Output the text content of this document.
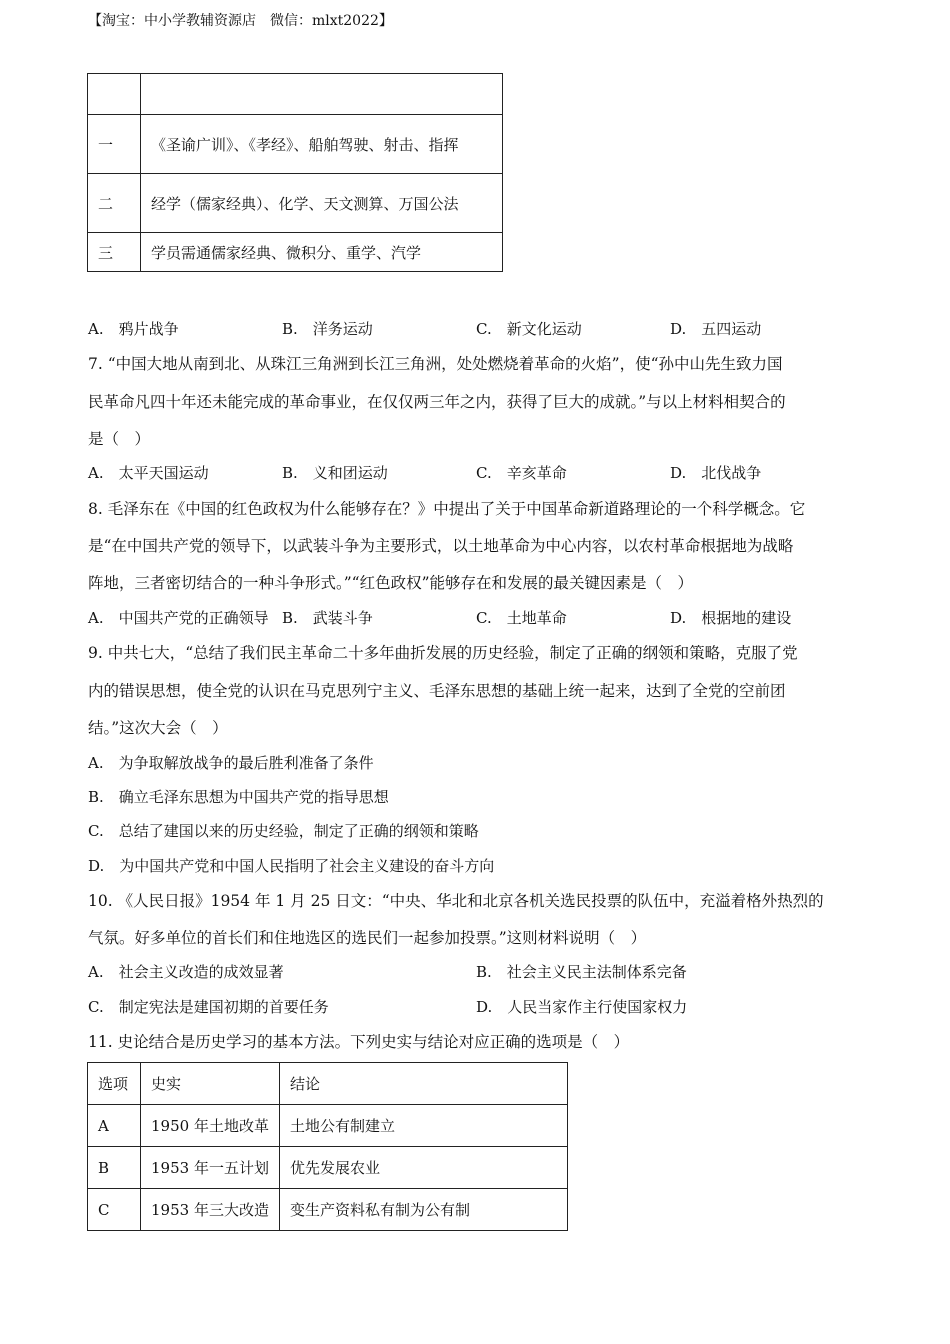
【淘宝：中小学教辅资源店　微信：mlxt2022】

一	《圣谕广训》、《孝经》、船舶驾驶、射击、指挥
二	经学（儒家经典）、化学、天文测算、万国公法
三	学员需通儒家经典、微积分、重学、汽学
A.　鸦片战争	B.　洋务运动	C.　新文化运动	D.　五四运动
7. “中国大地从南到北、从珠江三角洲到长江三角洲，处处燃烧着革命的火焰”，使“孙中山先生致力国
民革命凡四十年还未能完成的革命事业，在仅仅两三年之内，获得了巨大的成就。”与以上材料相契合的
是（　）
A.　太平天国运动	B.　义和团运动	C.　辛亥革命	D.　北伐战争
8. 毛泽东在《中国的红色政权为什么能够存在？》中提出了关于中国革命新道路理论的一个科学概念。它
是“在中国共产党的领导下，以武装斗争为主要形式，以土地革命为中心内容，以农村革命根据地为战略
阵地，三者密切结合的一种斗争形式。”“红色政权”能够存在和发展的最关键因素是（　）
A.　中国共产党的正确领导 B.　武装斗争	C.　土地革命	D.　根据地的建设
9. 中共七大，“总结了我们民主革命二十多年曲折发展的历史经验，制定了正确的纲领和策略，克服了党
内的错误思想，使全党的认识在马克思列宁主义、毛泽东思想的基础上统一起来，达到了全党的空前团
结。”这次大会（　）
A.　为争取解放战争的最后胜利准备了条件
B.　确立毛泽东思想为中国共产党的指导思想
C.　总结了建国以来的历史经验，制定了正确的纲领和策略
D.　为中国共产党和中国人民指明了社会主义建设的奋斗方向
10. 《人民日报》1954 年 1 月 25 日文：“中央、华北和北京各机关选民投票的队伍中，充溢着格外热烈的
气氛。好多单位的首长们和住地选区的选民们一起参加投票。”这则材料说明（　）
A.　社会主义改造的成效显著	B.　社会主义民主法制体系完备
C.　制定宪法是建国初期的首要任务	D.　人民当家作主行使国家权力
11. 史论结合是历史学习的基本方法。下列史实与结论对应正确的选项是（　）
选项	史实	结论
A	1950 年土地改革	土地公有制建立
B	1953 年一五计划	优先发展农业
C	1953 年三大改造	变生产资料私有制为公有制
